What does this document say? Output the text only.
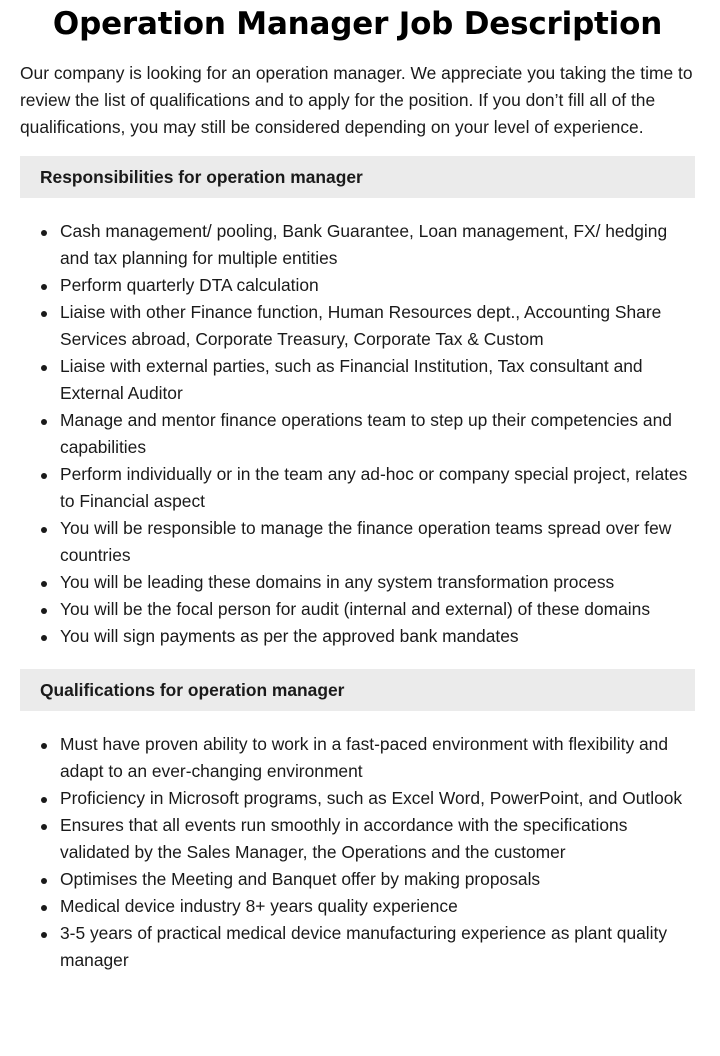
Operation Manager Job Description

Our company is looking for an operation manager. We appreciate you taking the time to review the list of qualifications and to apply for the position. If you don’t fill all of the qualifications, you may still be considered depending on your level of experience.

Responsibilities for operation manager
Cash management/ pooling, Bank Guarantee, Loan management, FX/ hedging and tax planning for multiple entities
Perform quarterly DTA calculation
Liaise with other Finance function, Human Resources dept., Accounting Share Services abroad, Corporate Treasury, Corporate Tax & Custom
Liaise with external parties, such as Financial Institution, Tax consultant and External Auditor
Manage and mentor finance operations team to step up their competencies and capabilities
Perform individually or in the team any ad-hoc or company special project, relates to Financial aspect
You will be responsible to manage the finance operation teams spread over few countries
You will be leading these domains in any system transformation process
You will be the focal person for audit (internal and external) of these domains
You will sign payments as per the approved bank mandates
Qualifications for operation manager
Must have proven ability to work in a fast-paced environment with flexibility and adapt to an ever-changing environment
Proficiency in Microsoft programs, such as Excel Word, PowerPoint, and Outlook
Ensures that all events run smoothly in accordance with the specifications validated by the Sales Manager, the Operations and the customer
Optimises the Meeting and Banquet offer by making proposals
Medical device industry 8+ years quality experience
3-5 years of practical medical device manufacturing experience as plant quality manager
